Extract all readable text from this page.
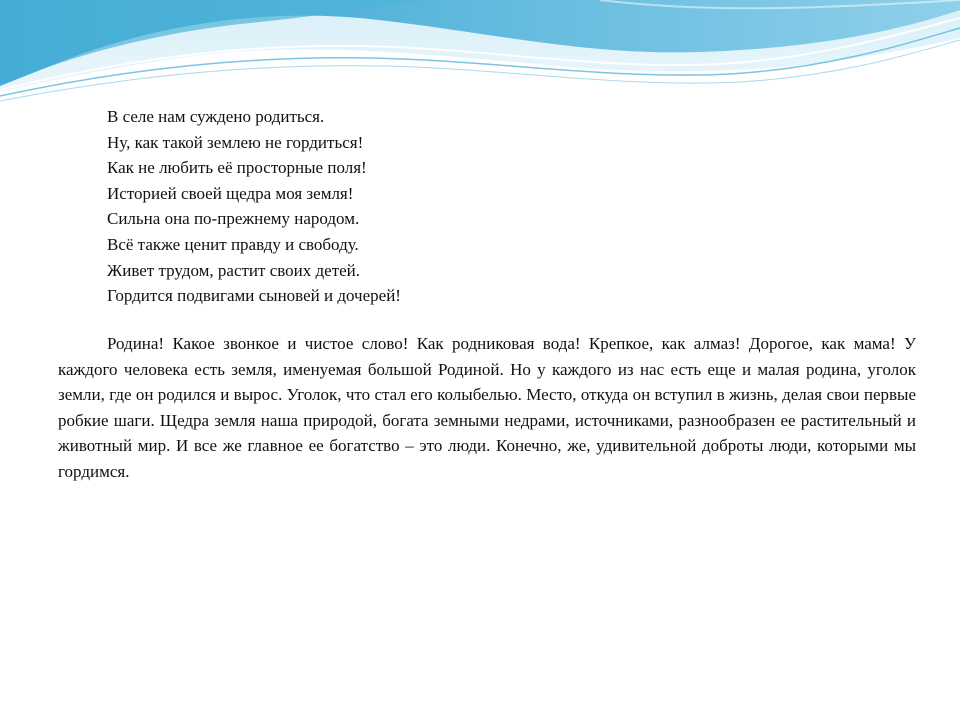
В селе нам суждено родиться.
Ну, как такой землею не гордиться!
Как не любить её просторные поля!
Историей своей щедра моя земля!
Сильна она по-прежнему народом.
Всё также ценит правду и свободу.
Живет трудом, растит своих детей.
Гордится подвигами сыновей и дочерей!

Родина! Какое звонкое и чистое слово! Как родниковая вода! Крепкое, как алмаз! Дорогое, как мама! У каждого человека есть земля, именуемая большой Родиной. Но у каждого из нас есть еще и малая родина, уголок земли, где он родился и вырос. Уголок, что стал его колыбелью. Место, откуда он вступил в жизнь, делая свои первые робкие шаги. Щедра земля наша природой, богата земными недрами, источниками, разнообразен ее растительный и животный мир. И все же главное ее богатство – это люди. Конечно, же, удивительной доброты люди, которыми мы гордимся.
